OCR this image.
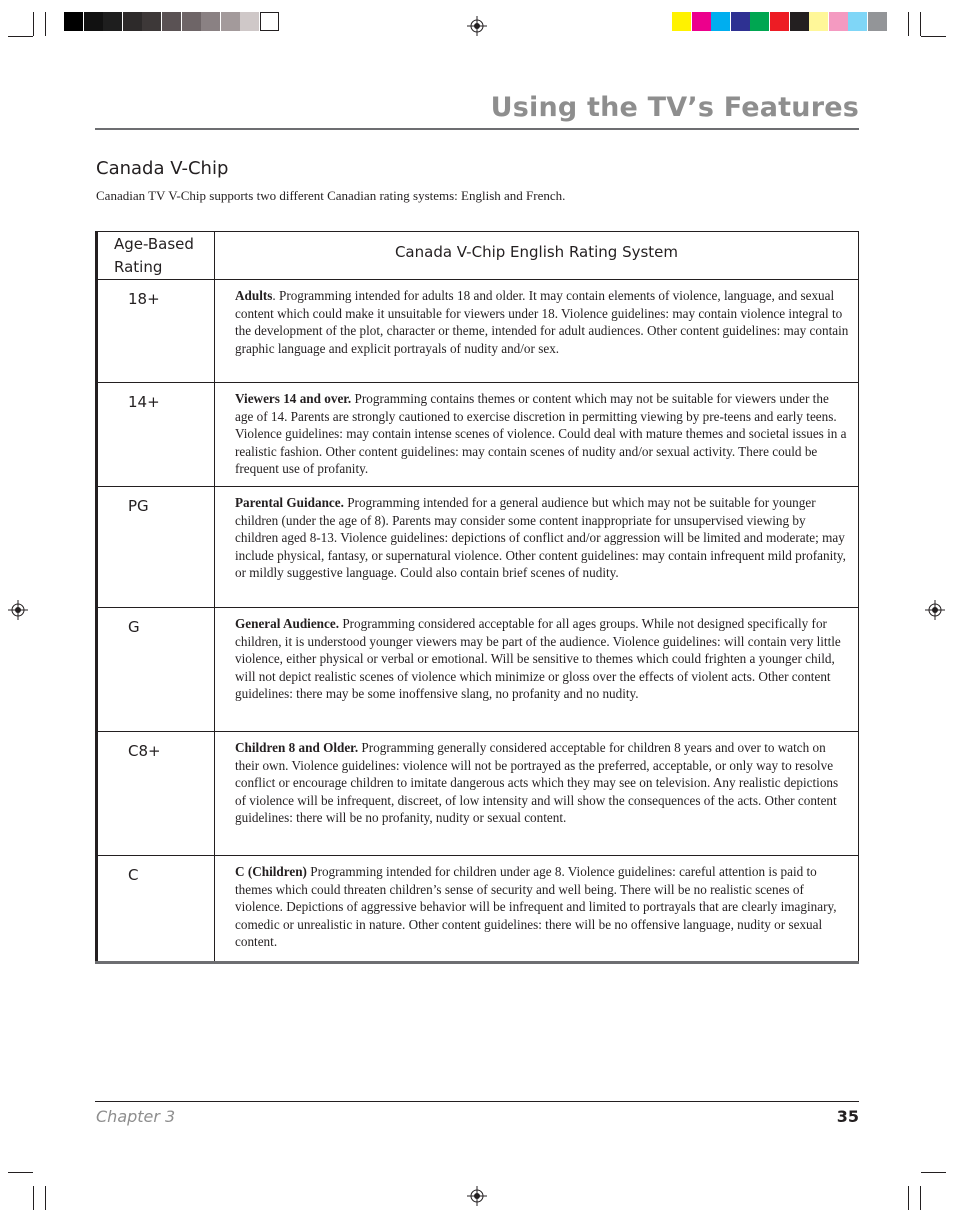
Using the TV’s Features
Canada V-Chip
Canadian TV V-Chip supports two different Canadian rating systems: English and French.
Age-Based
Rating	Canada V-Chip English Rating System

18+	Adults. Programming intended for adults 18 and older. It may contain elements of violence, language, and sexual content which could make it unsuitable for viewers under 18. Violence guidelines: may contain violence integral to the development of the plot, character or theme, intended for adult audiences. Other content guidelines: may contain graphic language and explicit portrayals of nudity and/or sex.
14+	Viewers 14 and over. Programming contains themes or content which may not be suitable for viewers under the age of 14. Parents are strongly cautioned to exercise discretion in permitting viewing by pre-teens and early teens. Violence guidelines: may contain intense scenes of violence. Could deal with mature themes and societal issues in a realistic fashion. Other content guidelines: may contain scenes of nudity and/or sexual activity. There could be frequent use of profanity.
PG	Parental Guidance. Programming intended for a general audience but which may not be suitable for younger children (under the age of 8). Parents may consider some content inappropriate for unsupervised viewing by children aged 8-13. Violence guidelines: depictions of conflict and/or aggression will be limited and moderate; may include physical, fantasy, or supernatural violence. Other content guidelines: may contain infrequent mild profanity, or mildly suggestive language. Could also contain brief scenes of nudity.
G	General Audience. Programming considered acceptable for all ages groups. While not designed specifically for children, it is understood younger viewers may be part of the audience. Violence guidelines: will contain very little violence, either physical or verbal or emotional. Will be sensitive to themes which could frighten a younger child, will not depict realistic scenes of violence which minimize or gloss over the effects of violent acts. Other content guidelines: there may be some inoffensive slang, no profanity and no nudity.
C8+	Children 8 and Older. Programming generally considered acceptable for children 8 years and over to watch on their own. Violence guidelines: violence will not be portrayed as the preferred, acceptable, or only way to resolve conflict or encourage children to imitate dangerous acts which they may see on television. Any realistic depictions of violence will be infrequent, discreet, of low intensity and will show the consequences of the acts. Other content guidelines: there will be no profanity, nudity or sexual content.
C	C (Children) Programming intended for children under age 8. Violence guidelines: careful attention is paid to themes which could threaten children’s sense of security and well being. There will be no realistic scenes of violence. Depictions of aggressive behavior will be infrequent and limited to portrayals that are clearly imaginary, comedic or unrealistic in nature. Other content guidelines: there will be no offensive language, nudity or sexual content.
Chapter 3	35
